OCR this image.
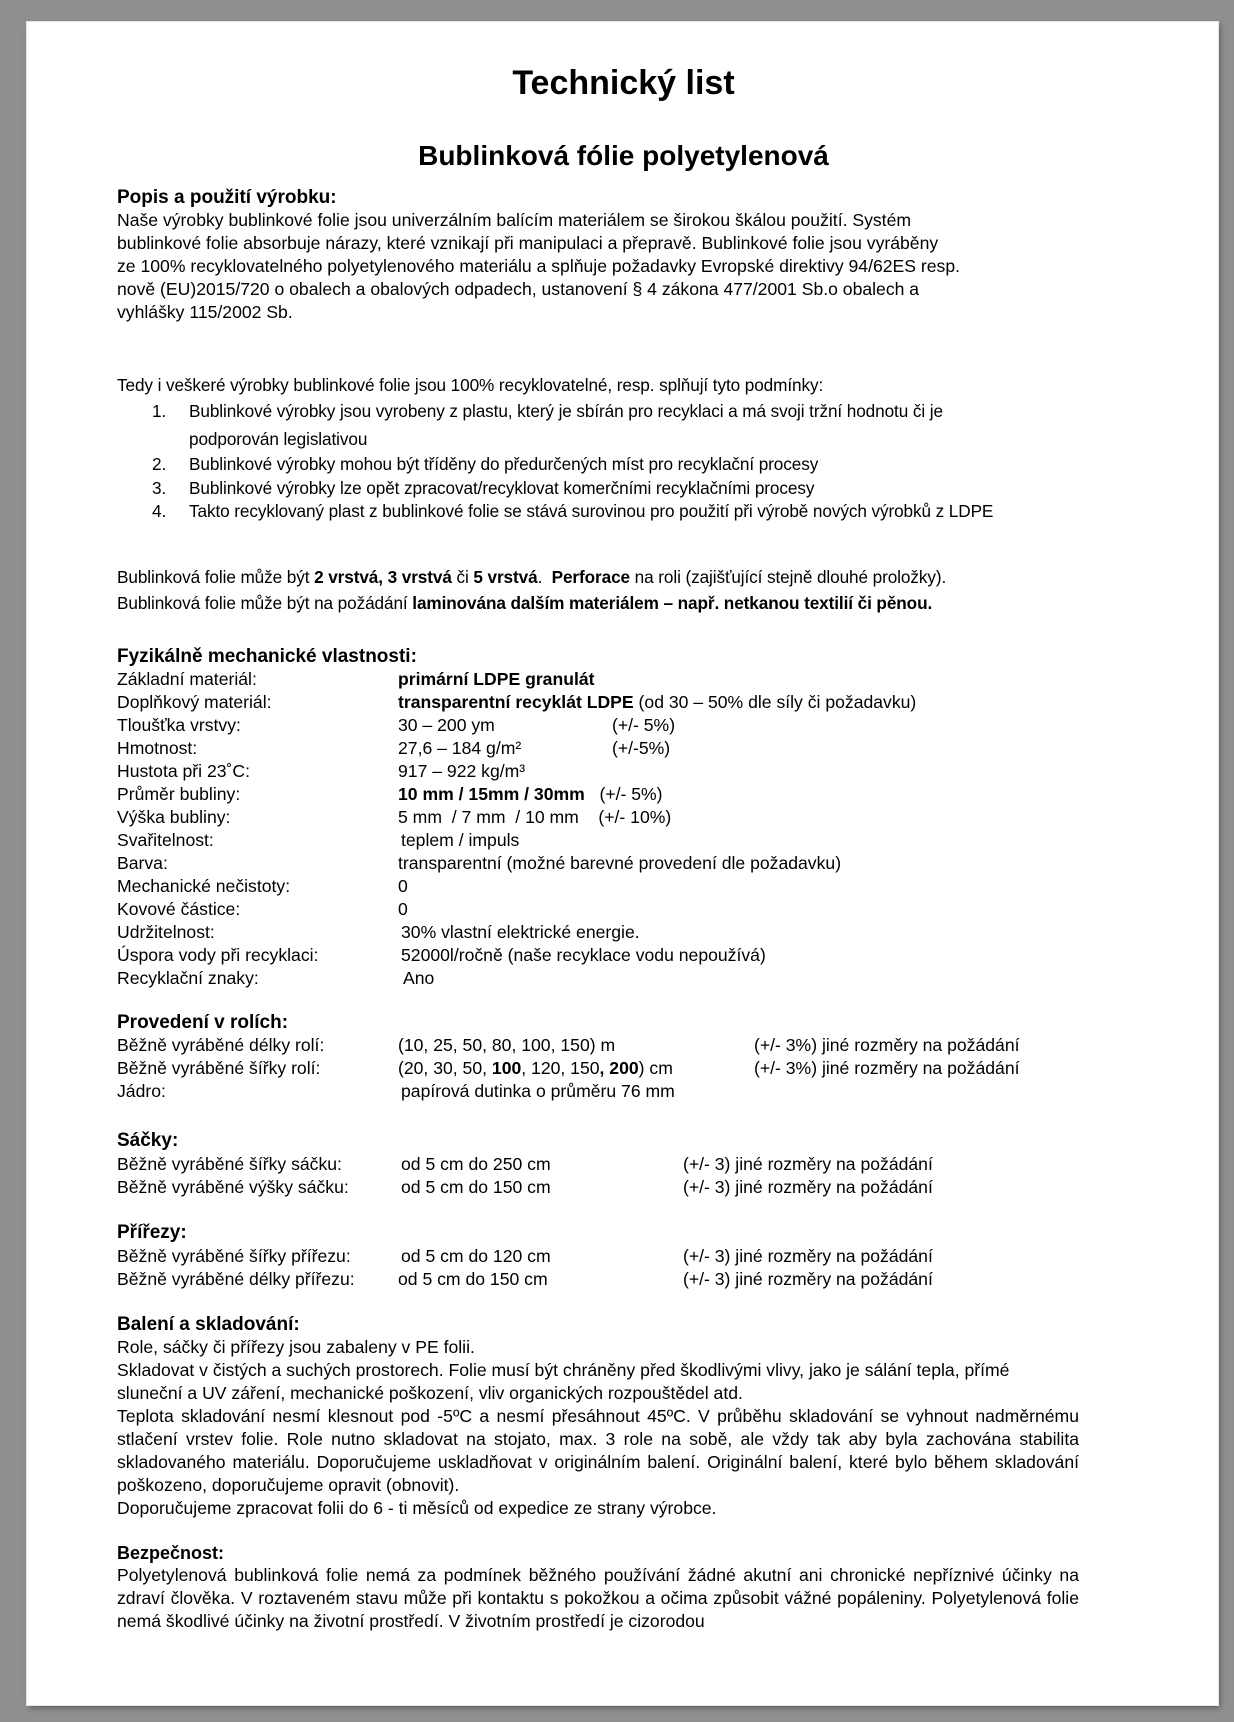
Technický list
Bublinková fólie polyetylenová
Popis a použití výrobku:
Naše výrobky bublinkové folie jsou univerzálním balícím materiálem se širokou škálou použití. Systém
bublinkové folie absorbuje nárazy, které vznikají při manipulaci a přepravě. Bublinkové folie jsou vyráběny
ze 100% recyklovatelného polyetylenového materiálu a splňuje požadavky Evropské direktivy 94/62ES resp.
nově (EU)2015/720 o obalech a obalových odpadech, ustanovení § 4 zákona 477/2001 Sb.o obalech a
vyhlášky 115/2002 Sb.
Tedy i veškeré výrobky bublinkové folie jsou 100% recyklovatelné, resp. splňují tyto podmínky:
1. Bublinkové výrobky jsou vyrobeny z plastu, který je sbírán pro recyklaci a má svoji tržní hodnotu či je podporován legislativou
2. Bublinkové výrobky mohou být tříděny do předurčených míst pro recyklační procesy
3. Bublinkové výrobky lze opět zpracovat/recyklovat komerčními recyklačními procesy
4. Takto recyklovaný plast z bublinkové folie se stává surovinou pro použití při výrobě nových výrobků z LDPE
Bublinková folie může být 2 vrstvá, 3 vrstvá či 5 vrstvá.  Perforace na roli (zajišťující stejně dlouhé proložky).
Bublinková folie může být na požádání laminována dalším materiálem – např. netkanou textilií či pěnou.
Fyzikálně mechanické vlastnosti:
Základní materiál:	primární LDPE granulát
Doplňkový materiál:	transparentní recyklát LDPE (od 30 – 50% dle síly či požadavku)
Tloušťka vrstvy:	30 – 200 ym	(+/- 5%)
Hmotnost:	27,6 – 184 g/m²	(+/-5%)
Hustota při 23˚C:	917 – 922 kg/m³
Průměr bubliny:	10 mm / 15mm / 30mm   (+/- 5%)
Výška bubliny:	5 mm  / 7 mm  / 10 mm    (+/- 10%)
Svařitelnost:	teplem / impuls
Barva:	transparentní (možné barevné provedení dle požadavku)
Mechanické nečistoty:	0
Kovové částice:	0
Udržitelnost:	30% vlastní elektrické energie.
Úspora vody při recyklaci:	52000l/ročně (naše recyklace vodu nepoužívá)
Recyklační znaky:	Ano
Provedení v rolích:
Běžně vyráběné délky rolí:	(10, 25, 50, 80, 100, 150) m	(+/- 3%) jiné rozměry na požádání
Běžně vyráběné šířky rolí:	(20, 30, 50, 100, 120, 150, 200) cm	(+/- 3%) jiné rozměry na požádání
Jádro:	papírová dutinka o průměru 76 mm
Sáčky:
Běžně vyráběné šířky sáčku:	od 5 cm do 250 cm	(+/- 3) jiné rozměry na požádání
Běžně vyráběné výšky sáčku:	od 5 cm do 150 cm	(+/- 3) jiné rozměry na požádání
Přířezy:
Běžně vyráběné šířky přířezu:	od 5 cm do 120 cm	(+/- 3) jiné rozměry na požádání
Běžně vyráběné délky přířezu: od 5 cm do 150 cm	(+/- 3) jiné rozměry na požádání
Balení a skladování:
Role, sáčky či přířezy jsou zabaleny v PE folii.
Skladovat v čistých a suchých prostorech. Folie musí být chráněny před škodlivými vlivy, jako je sálání tepla, přímé sluneční a UV záření, mechanické poškození, vliv organických rozpouštědel atd.
Teplota skladování nesmí klesnout pod -5ºC a nesmí přesáhnout 45ºC. V průběhu skladování se vyhnout nadměrnému stlačení vrstev folie. Role nutno skladovat na stojato, max. 3 role na sobě, ale vždy tak aby byla zachována stabilita skladovaného materiálu. Doporučujeme uskladňovat v originálním balení. Originální balení, které bylo během skladování poškozeno, doporučujeme opravit (obnovit).
Doporučujeme zpracovat folii do 6 - ti měsíců od expedice ze strany výrobce.
Bezpečnost:
Polyetylenová bublinková folie nemá za podmínek běžného používání žádné akutní ani chronické nepříznivé účinky na zdraví člověka. V roztaveném stavu může při kontaktu s pokožkou a očima způsobit vážné popáleniny. Polyetylenová folie nemá škodlivé účinky na životní prostředí. V životním prostředí je cizorodou
